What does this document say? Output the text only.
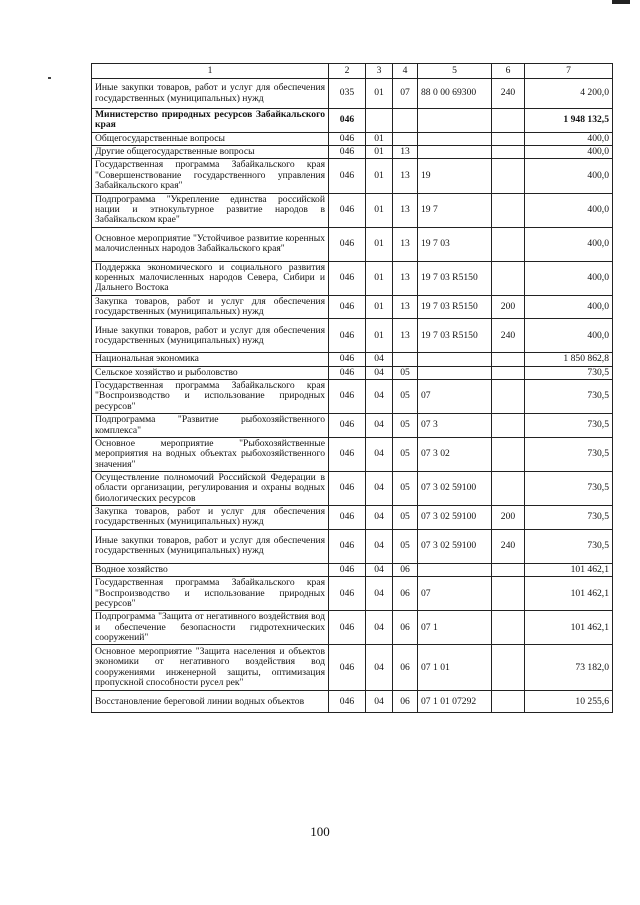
1	2	3	4	5	6	7
Иные закупки товаров, работ и услуг для обеспечения государственных (муниципальных) нужд	035	01	07	88 0 00 69300	240	4 200,0
Министерство природных ресурсов Забайкальского края	046					1 948 132,5
Общегосударственные вопросы	046	01				400,0
Другие общегосударственные вопросы	046	01	13			400,0
Государственная программа Забайкальского края "Совершенствование государственного управления Забайкальского края"	046	01	13	19		400,0
Подпрограмма "Укрепление единства российской нации и этнокультурное развитие народов в Забайкальском крае"	046	01	13	19 7		400,0
Основное мероприятие "Устойчивое развитие коренных малочисленных народов Забайкальского края"	046	01	13	19 7 03		400,0
Поддержка экономического и социального развития коренных малочисленных народов Севера, Сибири и Дальнего Востока	046	01	13	19 7 03 R5150		400,0
Закупка товаров, работ и услуг для обеспечения государственных (муниципальных) нужд	046	01	13	19 7 03 R5150	200	400,0
Иные закупки товаров, работ и услуг для обеспечения государственных (муниципальных) нужд	046	01	13	19 7 03 R5150	240	400,0
Национальная экономика	046	04				1 850 862,8
Сельское хозяйство и рыболовство	046	04	05			730,5
Государственная программа Забайкальского края "Воспроизводство и использование природных ресурсов"	046	04	05	07		730,5
Подпрограмма "Развитие рыбохозяйственного комплекса"	046	04	05	07 3		730,5
Основное мероприятие "Рыбохозяйственные мероприятия на водных объектах рыбохозяйственного значения"	046	04	05	07 3 02		730,5
Осуществление полномочий Российской Федерации в области организации, регулирования и охраны водных биологических ресурсов	046	04	05	07 3 02 59100		730,5
Закупка товаров, работ и услуг для обеспечения государственных (муниципальных) нужд	046	04	05	07 3 02 59100	200	730,5
Иные закупки товаров, работ и услуг для обеспечения государственных (муниципальных) нужд	046	04	05	07 3 02 59100	240	730,5
Водное хозяйство	046	04	06			101 462,1
Государственная программа Забайкальского края "Воспроизводство и использование природных ресурсов"	046	04	06	07		101 462,1
Подпрограмма "Защита от негативного воздействия вод и обеспечение безопасности гидротехнических сооружений"	046	04	06	07 1		101 462,1
Основное мероприятие "Защита населения и объектов экономики от негативного воздействия вод сооружениями инженерной защиты, оптимизация пропускной способности русел рек"	046	04	06	07 1 01		73 182,0
Восстановление береговой линии водных объектов	046	04	06	07 1 01 07292		10 255,6
100
